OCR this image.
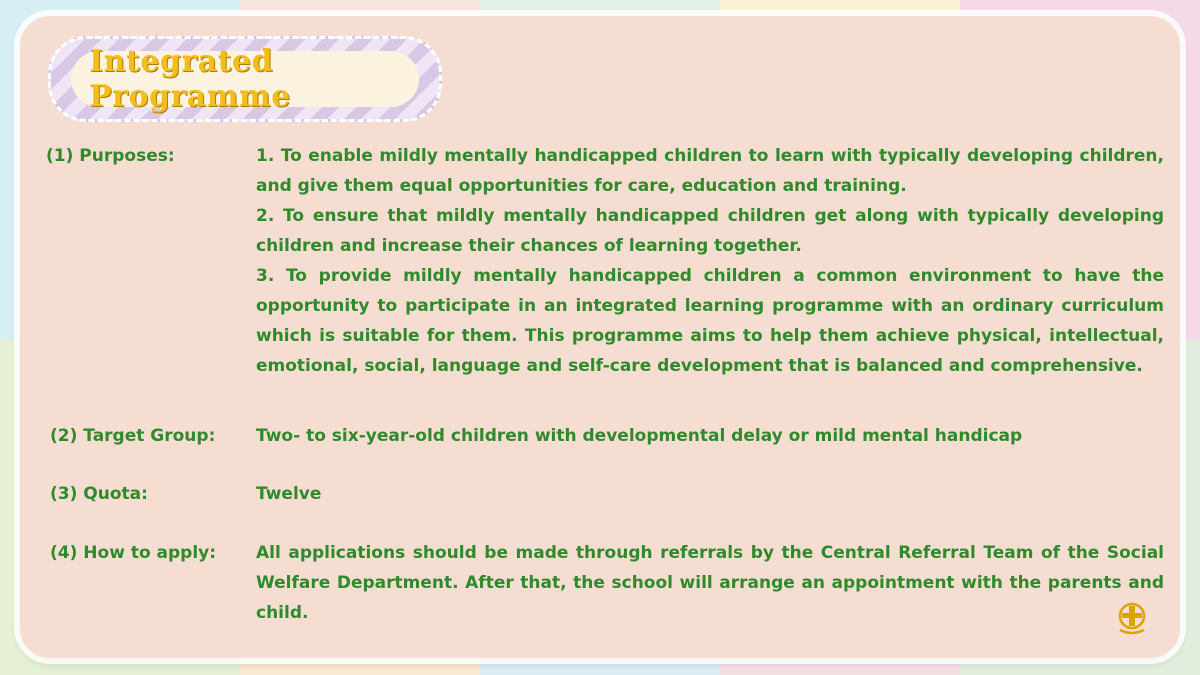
Integrated Programme
(1) Purposes:	1. To enable mildly mentally handicapped children to learn with typically developing children, and give them equal opportunities for care, education and training.

2. To ensure that mildly mentally handicapped children get along with typically developing children and increase their chances of learning together.

3. To provide mildly mentally handicapped children a common environment to have the opportunity to participate in an integrated learning programme with an ordinary curriculum which is suitable for them. This programme aims to help them achieve physical, intellectual, emotional, social, language and self-care development that is balanced and comprehensive.

(2) Target Group: Two- to six-year-old children with developmental delay or mild mental handicap

(3) Quota:	Twelve

(4) How to apply: All applications should be made through referrals by the Central Referral Team of the Social Welfare Department. After that, the school will arrange an appointment with the parents and child.
